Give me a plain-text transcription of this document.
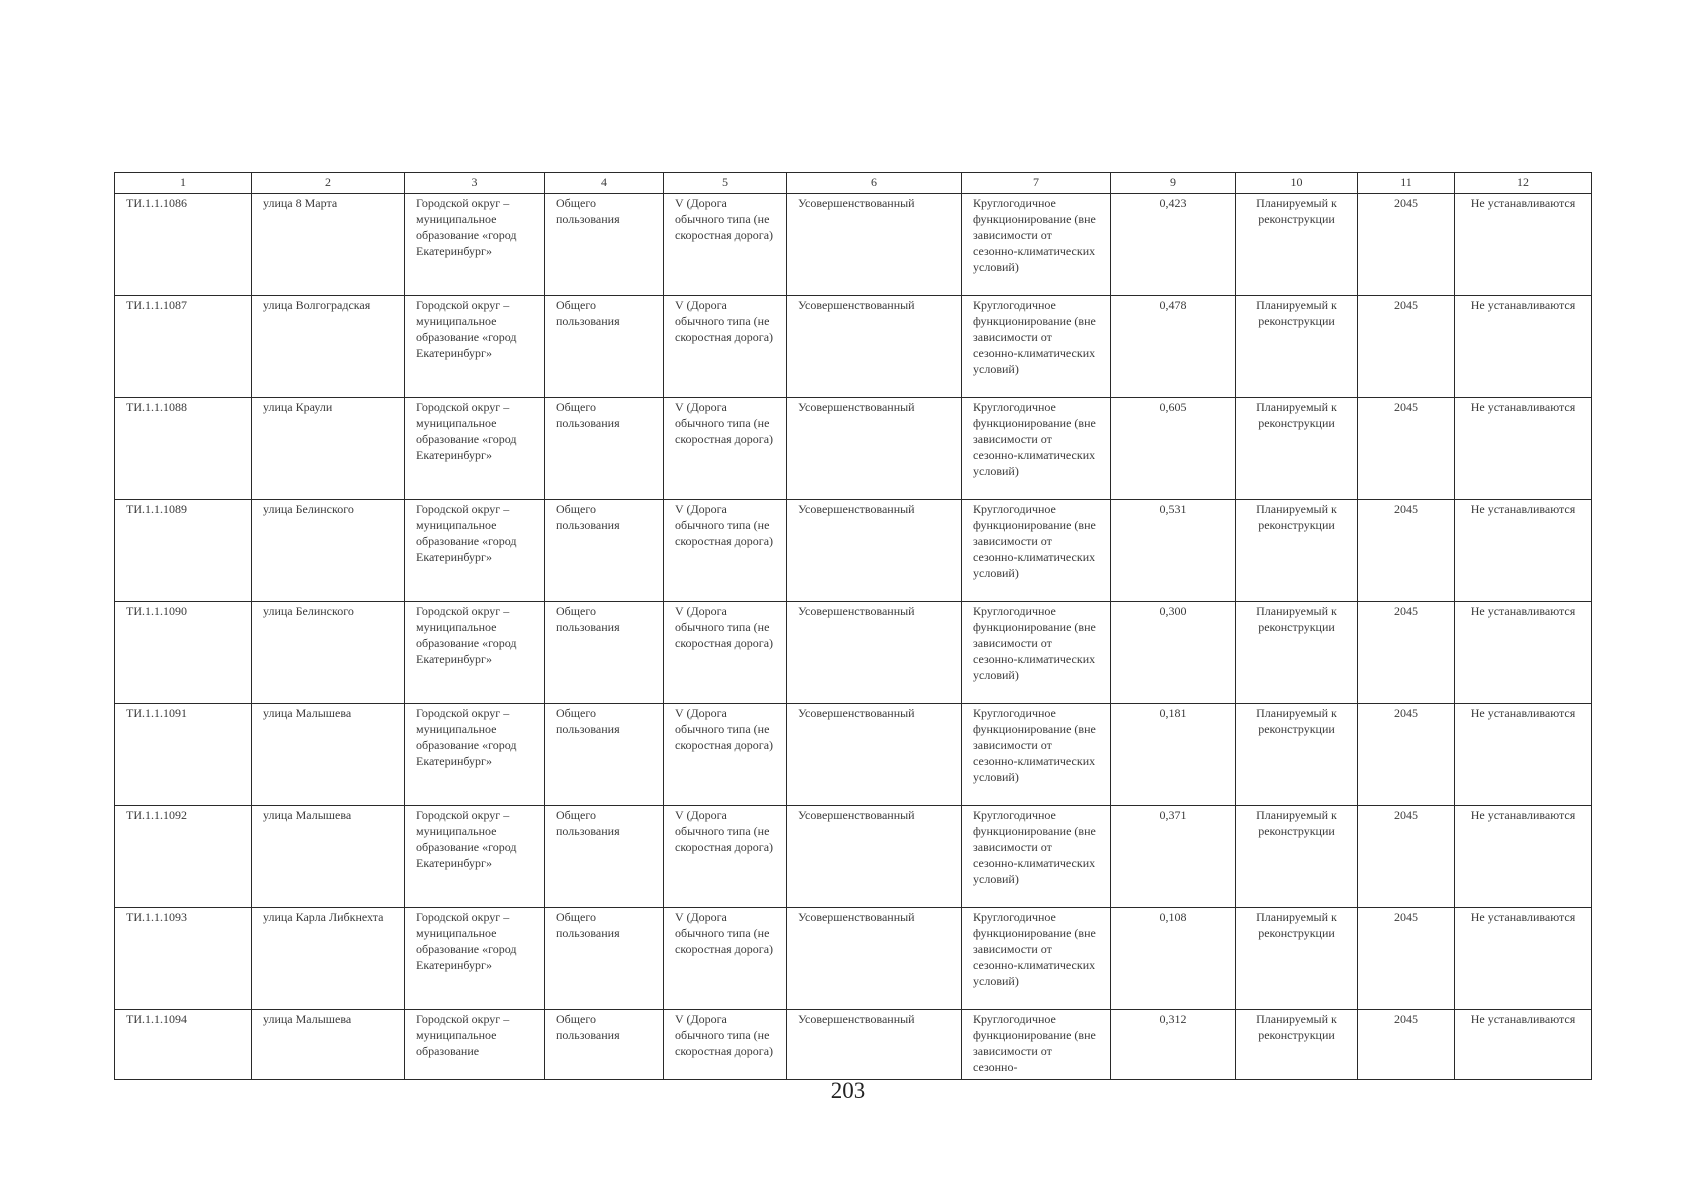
1	2	3	4	5	6	7	9	10	11	12
ТИ.1.1.1086	улица 8 Марта	Городской округ – муниципальное образование «город Екатеринбург»	Общего пользования	V (Дорога обычного типа (не скоростная дорога)	Усовершенствованный	Круглогодичное функционирование (вне зависимости от сезонно-климатических условий)	0,423	Планируемый к реконструкции	2045	Не устанавливаются
ТИ.1.1.1087	улица Волгоградская	Городской округ – муниципальное образование «город Екатеринбург»	Общего пользования	V (Дорога обычного типа (не скоростная дорога)	Усовершенствованный	Круглогодичное функционирование (вне зависимости от сезонно-климатических условий)	0,478	Планируемый к реконструкции	2045	Не устанавливаются
ТИ.1.1.1088	улица Краули	Городской округ – муниципальное образование «город Екатеринбург»	Общего пользования	V (Дорога обычного типа (не скоростная дорога)	Усовершенствованный	Круглогодичное функционирование (вне зависимости от сезонно-климатических условий)	0,605	Планируемый к реконструкции	2045	Не устанавливаются
ТИ.1.1.1089	улица Белинского	Городской округ – муниципальное образование «город Екатеринбург»	Общего пользования	V (Дорога обычного типа (не скоростная дорога)	Усовершенствованный	Круглогодичное функционирование (вне зависимости от сезонно-климатических условий)	0,531	Планируемый к реконструкции	2045	Не устанавливаются
ТИ.1.1.1090	улица Белинского	Городской округ – муниципальное образование «город Екатеринбург»	Общего пользования	V (Дорога обычного типа (не скоростная дорога)	Усовершенствованный	Круглогодичное функционирование (вне зависимости от сезонно-климатических условий)	0,300	Планируемый к реконструкции	2045	Не устанавливаются
ТИ.1.1.1091	улица Малышева	Городской округ – муниципальное образование «город Екатеринбург»	Общего пользования	V (Дорога обычного типа (не скоростная дорога)	Усовершенствованный	Круглогодичное функционирование (вне зависимости от сезонно-климатических условий)	0,181	Планируемый к реконструкции	2045	Не устанавливаются
ТИ.1.1.1092	улица Малышева	Городской округ – муниципальное образование «город Екатеринбург»	Общего пользования	V (Дорога обычного типа (не скоростная дорога)	Усовершенствованный	Круглогодичное функционирование (вне зависимости от сезонно-климатических условий)	0,371	Планируемый к реконструкции	2045	Не устанавливаются
ТИ.1.1.1093	улица Карла Либкнехта	Городской округ – муниципальное образование «город Екатеринбург»	Общего пользования	V (Дорога обычного типа (не скоростная дорога)	Усовершенствованный	Круглогодичное функционирование (вне зависимости от сезонно-климатических условий)	0,108	Планируемый к реконструкции	2045	Не устанавливаются
ТИ.1.1.1094	улица Малышева	Городской округ – муниципальное образование	Общего пользования	V (Дорога обычного типа (не скоростная дорога)	Усовершенствованный	Круглогодичное функционирование (вне зависимости от сезонно-	0,312	Планируемый к реконструкции	2045	Не устанавливаются
203
